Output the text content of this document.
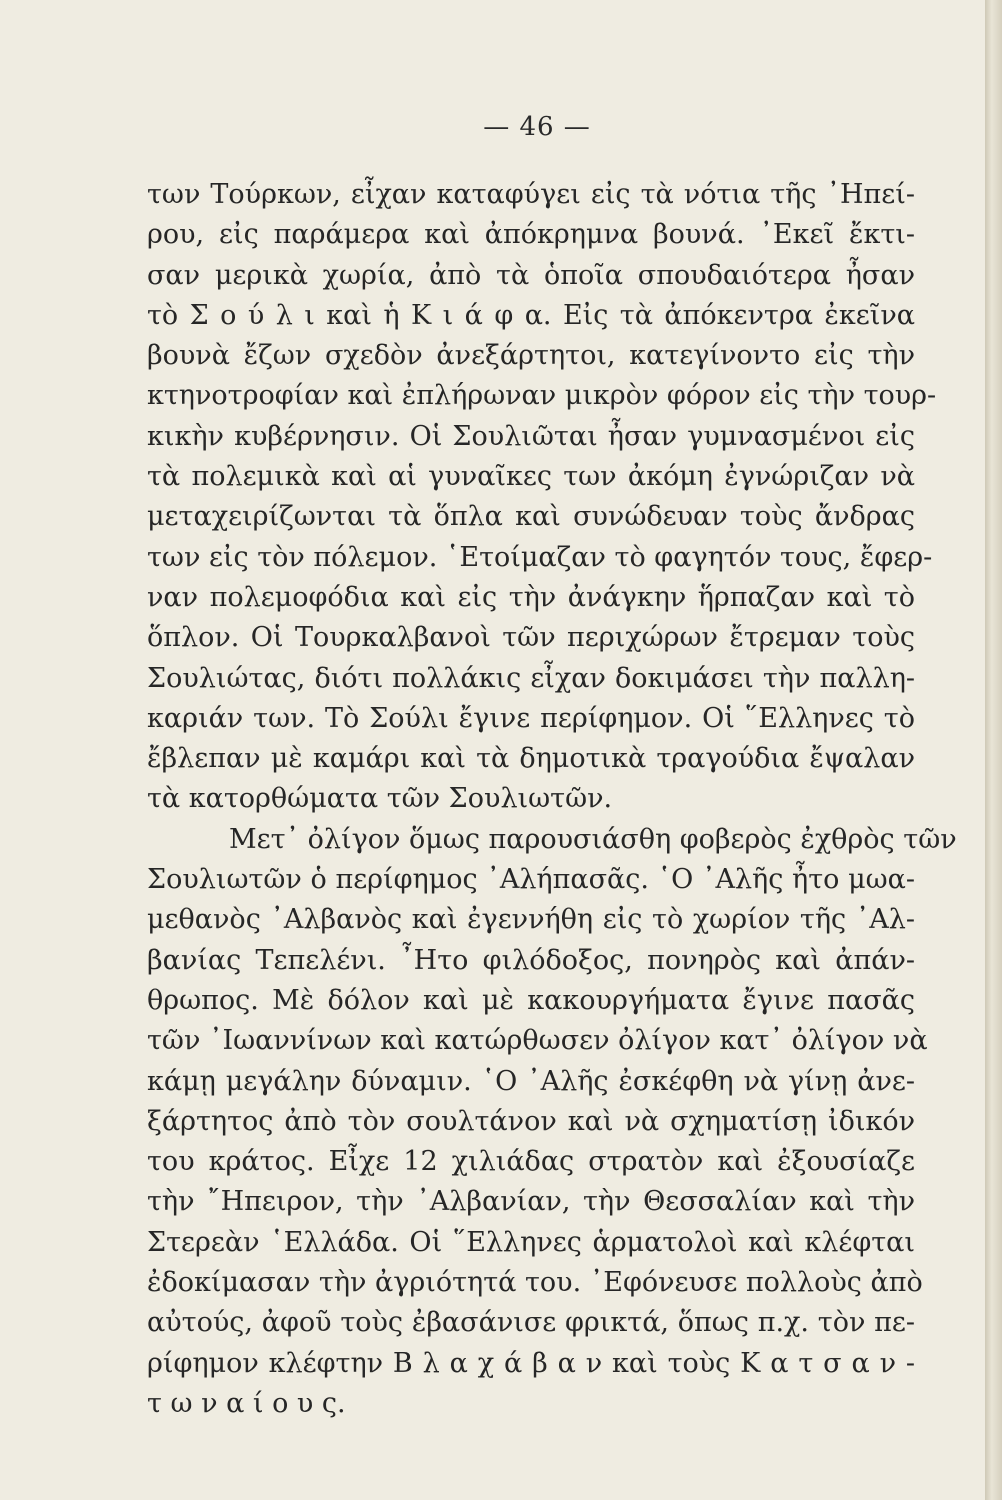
— 46 —
των Τούρκων, εἶχαν καταφύγει εἰς τὰ νότια τῆς ᾿Ηπεί-
ρου, εἰς παράμερα καὶ ἀπόκρημνα βουνά. ᾿Εκεῖ ἔκτι-
σαν μερικὰ χωρία, ἀπὸ τὰ ὁποῖα σπουδαιότερα ἦσαν
τὸ Σ ο ύ λ ι καὶ ἡ Κ ι ά φ α. Εἰς τὰ ἀπόκεντρα ἐκεῖνα
βουνὰ ἔζων σχεδὸν ἀνεξάρτητοι, κατεγίνοντο εἰς τὴν
κτηνοτροφίαν καὶ ἐπλήρωναν μικρὸν φόρον εἰς τὴν τουρ-
κικὴν κυβέρνησιν. Οἱ Σουλιῶται ἦσαν γυμνασμένοι εἰς
τὰ πολεμικὰ καὶ αἱ γυναῖκες των ἀκόμη ἐγνώριζαν νὰ
μεταχειρίζωνται τὰ ὅπλα καὶ συνώδευαν τοὺς ἄνδρας
των εἰς τὸν πόλεμον. ῾Ετοίμαζαν τὸ φαγητόν τους, ἔφερ-
ναν πολεμοφόδια καὶ εἰς τὴν ἀνάγκην ἥρπαζαν καὶ τὸ
ὅπλον. Οἱ Τουρκαλβανοὶ τῶν περιχώρων ἔτρεμαν τοὺς
Σουλιώτας, διότι πολλάκις εἶχαν δοκιμάσει τὴν παλλη-
καριάν των. Τὸ Σούλι ἔγινε περίφημον. Οἱ ῞Ελληνες τὸ
ἔβλεπαν μὲ καμάρι καὶ τὰ δημοτικὰ τραγούδια ἔψαλαν
τὰ κατορθώματα τῶν Σουλιωτῶν.
Μετ᾿ ὀλίγον ὅμως παρουσιάσθη φοβερὸς ἐχθρὸς τῶν
Σουλιωτῶν ὁ περίφημος ᾿Αλήπασᾶς. ῾Ο ᾿Αλῆς ἦτο μωα-
μεθανὸς ᾿Αλβανὸς καὶ ἐγεννήθη εἰς τὸ χωρίον τῆς ᾿Αλ-
βανίας Τεπελένι. ῏Ητο φιλόδοξος, πονηρὸς καὶ ἀπάν-
θρωπος. Μὲ δόλον καὶ μὲ κακουργήματα ἔγινε πασᾶς
τῶν ᾿Ιωαννίνων καὶ κατώρθωσεν ὀλίγον κατ᾿ ὀλίγον νὰ
κάμῃ μεγάλην δύναμιν. ῾Ο ᾿Αλῆς ἐσκέφθη νὰ γίνῃ ἀνε-
ξάρτητος ἀπὸ τὸν σουλτάνον καὶ νὰ σχηματίσῃ ἰδικόν
του κράτος. Εἶχε 12 χιλιάδας στρατὸν καὶ ἐξουσίαζε
τὴν ῎Ηπειρον, τὴν ᾿Αλβανίαν, τὴν Θεσσαλίαν καὶ τὴν
Στερεὰν ῾Ελλάδα. Οἱ ῞Ελληνες ἁρματολοὶ καὶ κλέφται
ἐδοκίμασαν τὴν ἀγριότητά του. ᾿Εφόνευσε πολλοὺς ἀπὸ
αὐτούς, ἀφοῦ τοὺς ἐβασάνισε φρικτά, ὅπως π.χ. τὸν πε-
ρίφημον κλέφτην Β λ α χ ά β α ν καὶ τοὺς Κ α τ σ α ν -
τ ω ν α ί ο υ ς.
